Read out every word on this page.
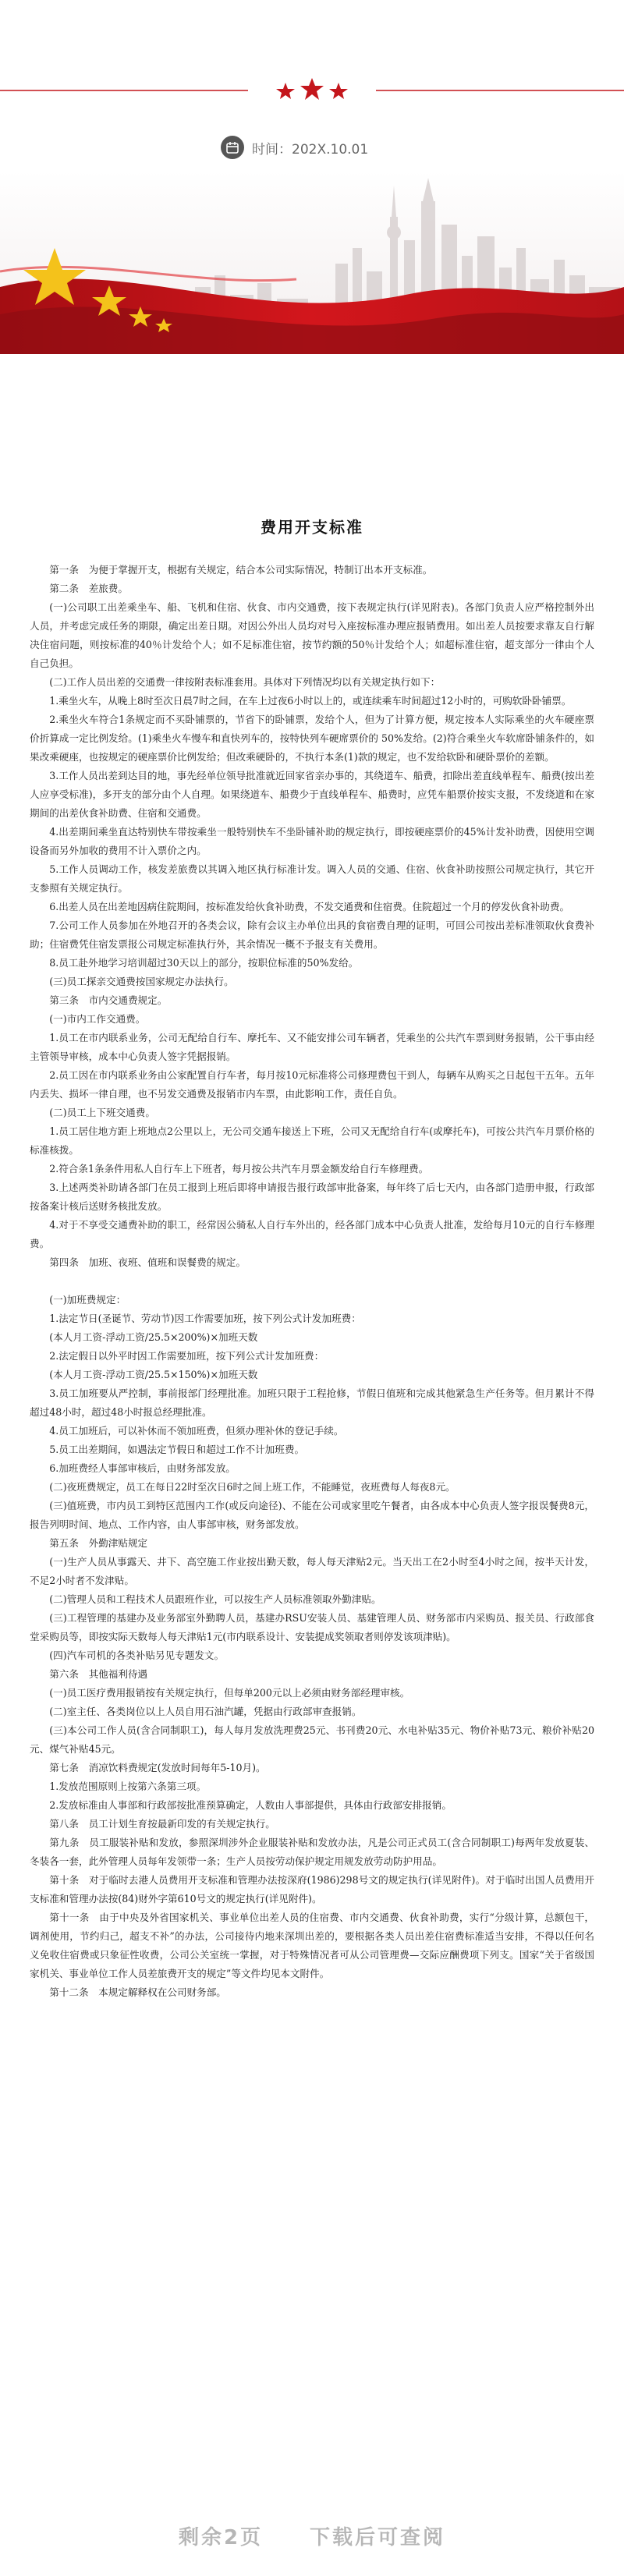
时间：202X.10.01
费用开支标准

第一条　为便于掌握开支，根据有关规定，结合本公司实际情况，特制订出本开支标准。

第二条　差旅费。

(一)公司职工出差乘坐车、船、飞机和住宿、伙食、市内交通费，按下表规定执行(详见附表)。各部门负责人应严格控制外出人员，并考虑完成任务的期限，确定出差日期。对因公外出人员均对号入座按标准办理应报销费用。如出差人员按要求靠友自行解决住宿问题，则按标准的40％计发给个人；如不足标准住宿，按节约额的50％计发给个人；如超标准住宿，超支部分一律由个人自己负担。

(二)工作人员出差的交通费一律按附表标准套用。具体对下列情况均以有关规定执行如下：

1.乘坐火车，从晚上8时至次日晨7时之间，在车上过夜6小时以上的，或连续乘车时间超过12小时的，可购软卧卧铺票。

2.乘坐火车符合1条规定而不买卧铺票的，节省下的卧铺票，发给个人，但为了计算方便，规定按本人实际乘坐的火车硬座票价折算成一定比例发给。(1)乘坐火车慢车和直快列车的，按特快列车硬席票价的 50%发给。(2)符合乘坐火车软席卧铺条件的，如果改乘硬座，也按规定的硬座票价比例发给；但改乘硬卧的，不执行本条(1)款的规定，也不发给软卧和硬卧票价的差额。

3.工作人员出差到达目的地，事先经单位领导批准就近回家省亲办事的，其绕道车、船费，扣除出差直线单程车、船费(按出差人应享受标准)，多开支的部分由个人自理。如果绕道车、船费少于直线单程车、船费时，应凭车船票价按实支报，不发绕道和在家期间的出差伙食补助费、住宿和交通费。

4.出差期间乘坐直达特别快车带按乘坐一般特别快车不坐卧铺补助的规定执行，即按硬座票价的45%计发补助费，因使用空调设备而另外加收的费用不计入票价之内。

5.工作人员调动工作，核发差旅费以其调入地区执行标准计发。调入人员的交通、住宿、伙食补助按照公司规定执行，其它开支参照有关规定执行。

6.出差人员在出差地因病住院期间，按标准发给伙食补助费，不发交通费和住宿费。住院超过一个月的停发伙食补助费。

7.公司工作人员参加在外地召开的各类会议，除有会议主办单位出具的食宿费自理的证明，可回公司按出差标准领取伙食费补助；住宿费凭住宿发票报公司规定标准执行外，其余情况一概不予报支有关费用。

8.员工赴外地学习培训超过30天以上的部分，按职位标准的50%发给。

(三)员工探亲交通费按国家规定办法执行。

第三条　市内交通费规定。

(一)市内工作交通费。

1.员工在市内联系业务，公司无配给自行车、摩托车、又不能安排公司车辆者，凭乘坐的公共汽车票到财务报销，公干事由经主管领导审核，成本中心负责人签字凭据报销。

2.员工因在市内联系业务由公家配置自行车者，每月按10元标准将公司修理费包干到人，每辆车从购买之日起包干五年。五年内丢失、损坏一律自理，也不另发交通费及报销市内车票，由此影响工作，责任自负。

(二)员工上下班交通费。

1.员工居住地方距上班地点2公里以上，无公司交通车接送上下班，公司又无配给自行车(或摩托车)，可按公共汽车月票价格的标准核拨。

2.符合条1条条件用私人自行车上下班者，每月按公共汽车月票金额发给自行车修理费。

3.上述两类补助请各部门在员工报到上班后即将申请报告报行政部审批备案，每年终了后七天内，由各部门造册申报，行政部按备案计核后送财务核批发放。

4.对于不享受交通费补助的职工，经常因公骑私人自行车外出的，经各部门成本中心负责人批准，发给每月10元的自行车修理费。

第四条　加班、夜班、值班和误餐费的规定。

(一)加班费规定：

1.法定节日(圣诞节、劳动节)因工作需要加班，按下列公式计发加班费：

(本人月工资-浮动工资/25.5×200%)×加班天数

2.法定假日以外平时因工作需要加班，按下列公式计发加班费：

(本人月工资-浮动工资/25.5×150%)×加班天数

3.员工加班要从严控制，事前报部门经理批准。加班只限于工程抢修，节假日值班和完成其他紧急生产任务等。但月累计不得超过48小时，超过48小时报总经理批准。

4.员工加班后，可以补休而不领加班费，但须办理补休的登记手续。

5.员工出差期间，如遇法定节假日和超过工作不计加班费。

6.加班费经人事部审核后，由财务部发放。

(二)夜班费规定，员工在每日22时至次日6时之间上班工作，不能睡觉，夜班费每人每夜8元。

(三)值班费，市内员工到特区范围内工作(或反向途径)、不能在公司或家里吃午餐者，由各成本中心负责人签字报误餐费8元，报告列明时间、地点、工作内容，由人事部审核，财务部发放。

第五条　外勤津贴规定

(一)生产人员从事露天、井下、高空施工作业按出勤天数，每人每天津贴2元。当天出工在2小时至4小时之间，按半天计发，不足2小时者不发津贴。

(二)管理人员和工程技术人员跟班作业，可以按生产人员标准领取外勤津贴。

(三)工程管理的基建办及业务部室外勤聘人员，基建办RSU安装人员、基建管理人员、财务部市内采购员、报关员、行政部食堂采购员等，即按实际天数每人每天津贴1元(市内联系设计、安装提成奖领取者则停发该项津贴)。

(四)汽车司机的各类补贴另见专题发文。

第六条　其他福利待遇

(一)员工医疗费用报销按有关规定执行，但每单200元以上必须由财务部经理审核。

(二)室主任、各类岗位以上人员自用石油汽罐，凭据由行政部审查报销。

(三)本公司工作人员(含合同制职工)，每人每月发放洗理费25元、书刊费20元、水电补贴35元、物价补贴73元、粮价补贴20元、煤气补贴45元。

第七条　消凉饮料费规定(发放时间每年5-10月)。

1.发放范围原则上按第六条第三项。

2.发放标准由人事部和行政部按批准预算确定，人数由人事部提供，具体由行政部安排报销。

第八条　员工计划生育按最新印发的有关规定执行。

第九条　员工服装补贴和发放，参照深圳涉外企业服装补贴和发放办法，凡是公司正式员工(含合同制职工)每两年发放夏装、冬装各一套，此外管理人员每年发领带一条；生产人员按劳动保护规定用规发放劳动防护用品。

第十条　对于临时去港人员费用开支标准和管理办法按深府(1986)298号文的规定执行(详见附件)。对于临时出国人员费用开支标准和管理办法按(84)财外字第610号文的规定执行(详见附件)。

第十一条　由于中央及外省国家机关、事业单位出差人员的住宿费、市内交通费、伙食补助费，实行“分级计算，总额包干，调剂使用，节约归己，超支不补”的办法，公司接待内地来深圳出差的，要根据各类人员出差住宿费标准适当安排，不得以任何名义免收住宿费或只象征性收费，公司公关室统一掌握，对于特殊情况者可从公司管理费—交际应酬费项下列支。国家“关于省级国家机关、事业单位工作人员差旅费开支的规定”等文件均见本文附件。

第十二条　本规定解释权在公司财务部。

剩余2页 下载后可查阅
